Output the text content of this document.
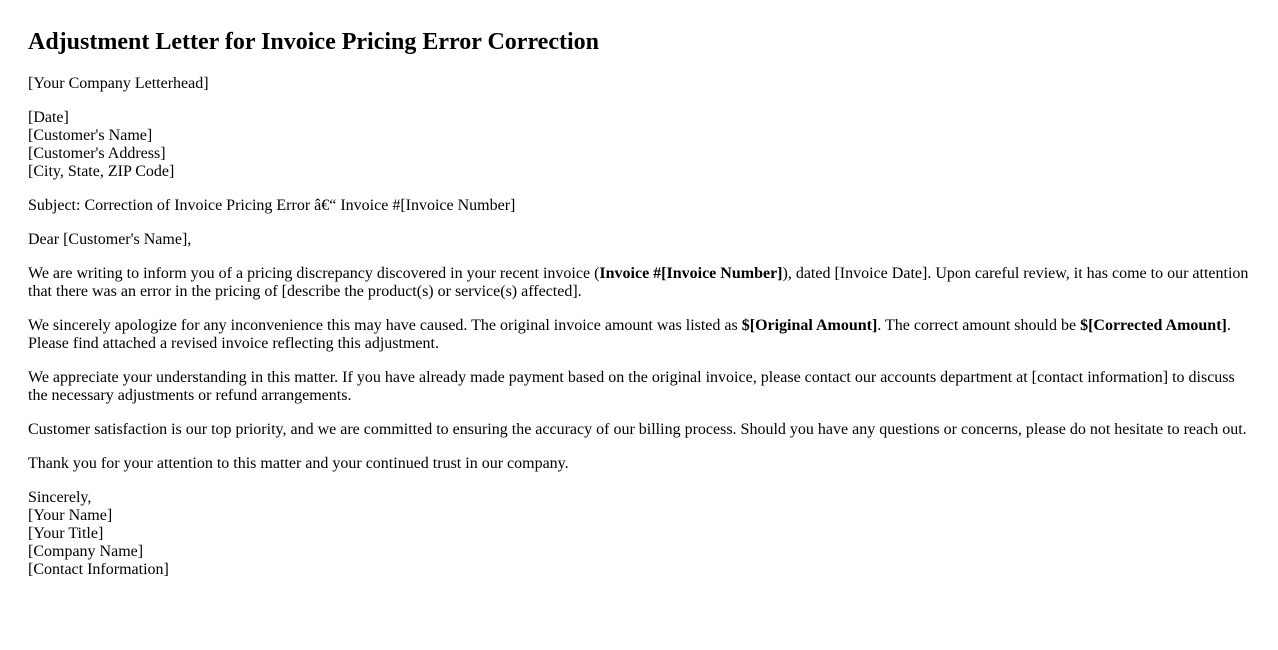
Adjustment Letter for Invoice Pricing Error Correction

[Your Company Letterhead]

[Date]
[Customer's Name]
[Customer's Address]
[City, State, ZIP Code]

Subject: Correction of Invoice Pricing Error â€“ Invoice #[Invoice Number]

Dear [Customer's Name],

We are writing to inform you of a pricing discrepancy discovered in your recent invoice (Invoice #[Invoice Number]), dated [Invoice Date]. Upon careful review, it has come to our attention that there was an error in the pricing of [describe the product(s) or service(s) affected].

We sincerely apologize for any inconvenience this may have caused. The original invoice amount was listed as $[Original Amount]. The correct amount should be $[Corrected Amount]. Please find attached a revised invoice reflecting this adjustment.

We appreciate your understanding in this matter. If you have already made payment based on the original invoice, please contact our accounts department at [contact information] to discuss the necessary adjustments or refund arrangements.

Customer satisfaction is our top priority, and we are committed to ensuring the accuracy of our billing process. Should you have any questions or concerns, please do not hesitate to reach out.

Thank you for your attention to this matter and your continued trust in our company.

Sincerely,
[Your Name]
[Your Title]
[Company Name]
[Contact Information]
